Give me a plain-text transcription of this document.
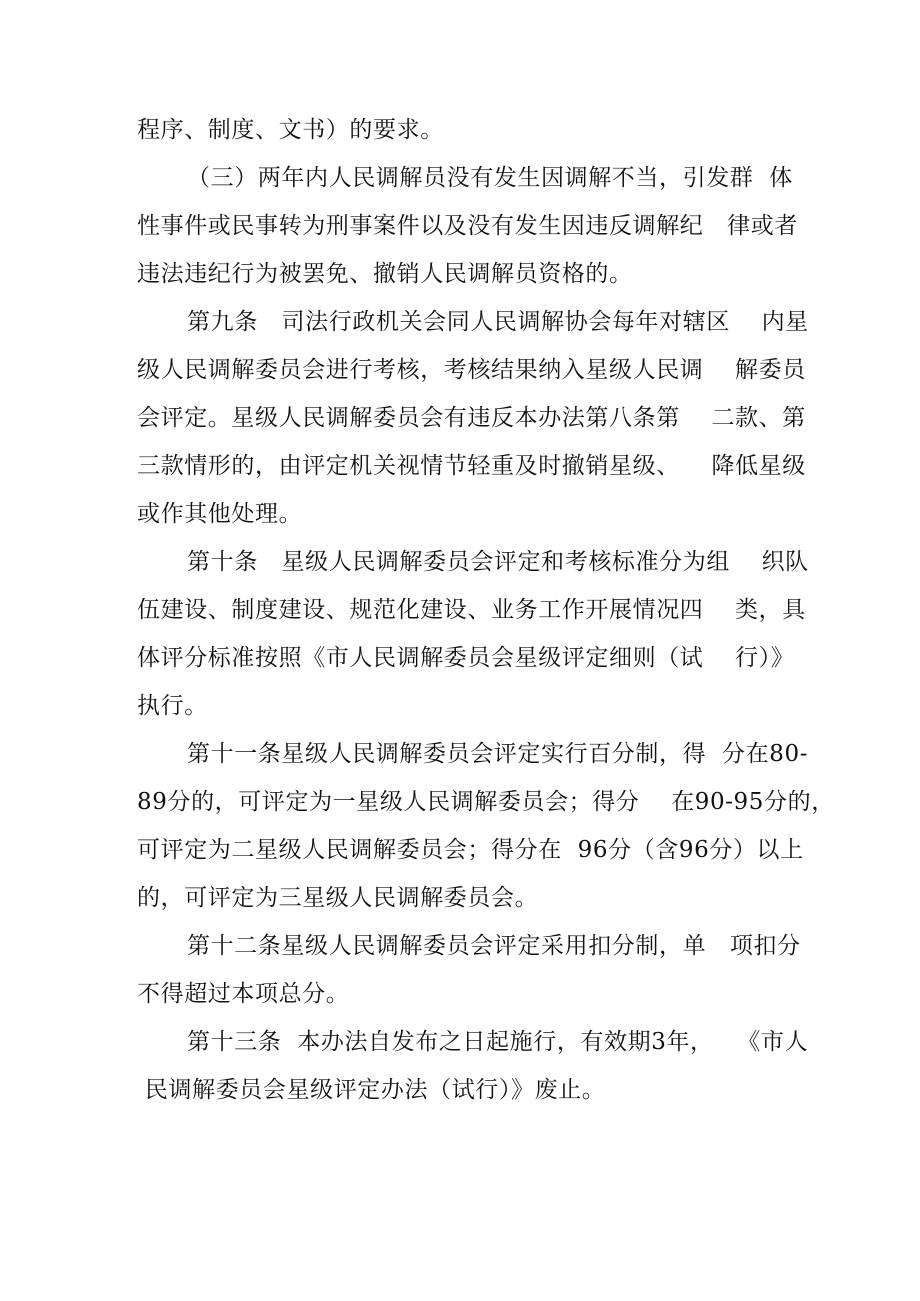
程序、制度、文书）的要求。
（三）两年内人民调解员没有发生因调解不当，引发群  体
性事件或民事转为刑事案件以及没有发生因违反调解纪   律或者
违法违纪行为被罢免、撤销人民调解员资格的。
第九条   司法行政机关会同人民调解协会每年对辖区    内星
级人民调解委员会进行考核，考核结果纳入星级人民调    解委员
会评定。星级人民调解委员会有违反本办法第八条第    二款、第
三款情形的，由评定机关视情节轻重及时撤销星级、    降低星级
或作其他处理。
第十条   星级人民调解委员会评定和考核标准分为组    织队
伍建设、制度建设、规范化建设、业务工作开展情况四    类，具
体评分标准按照《市人民调解委员会星级评定细则（试    行）》
执行。
第十一条星级人民调解委员会评定实行百分制，得  分在80-
89分的，可评定为一星级人民调解委员会；得分    在90-95分的，
可评定为二星级人民调解委员会；得分在  96分（含96分）以上
的，可评定为三星级人民调解委员会。
第十二条星级人民调解委员会评定采用扣分制，单   项扣分
不得超过本项总分。
第十三条  本办法自发布之日起施行，有效期3年，   《市人
民调解委员会星级评定办法（试行）》废止。
